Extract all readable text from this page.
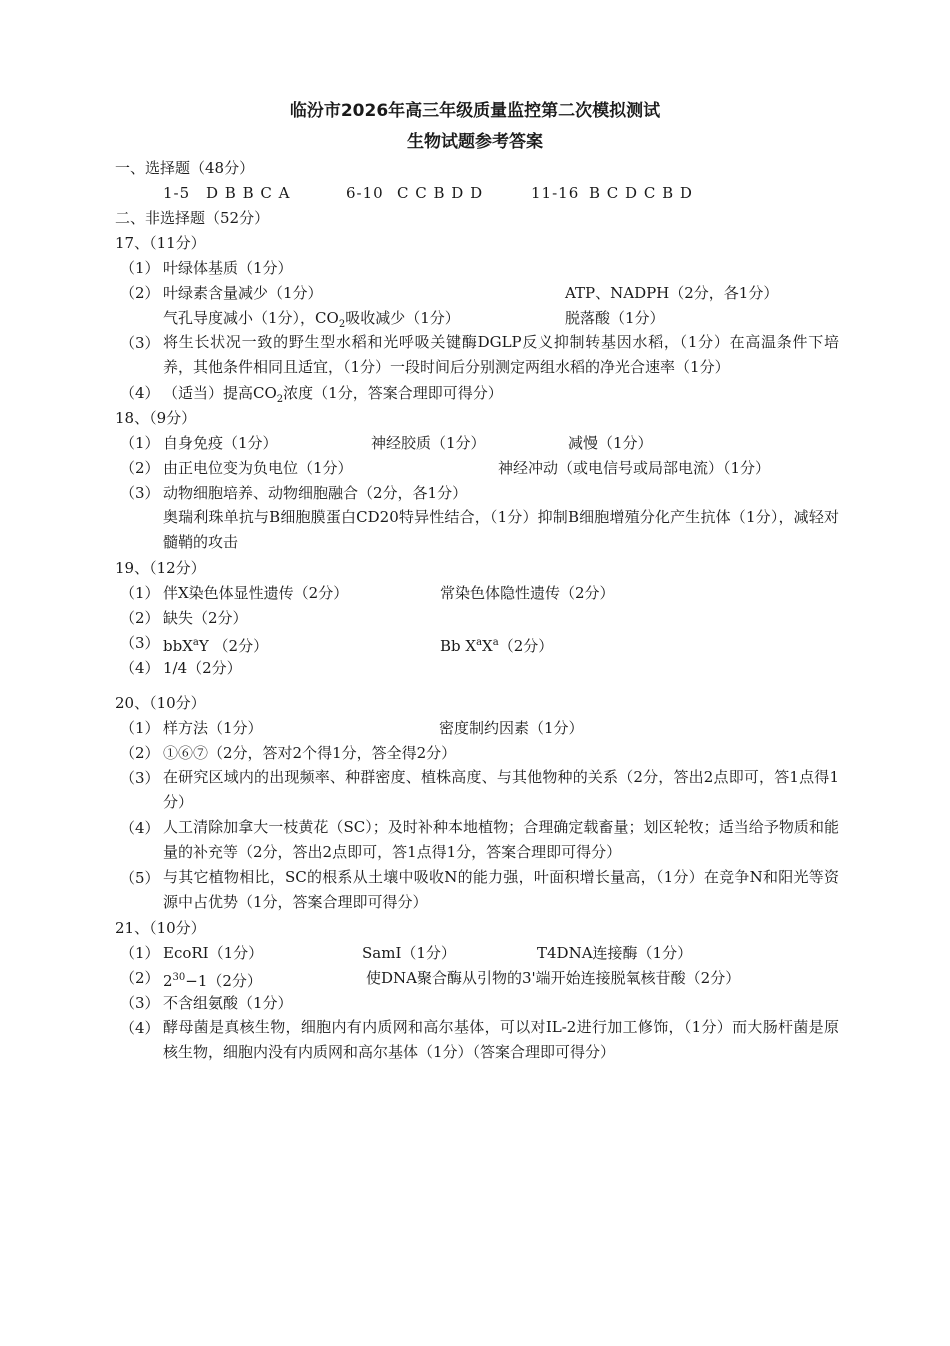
临汾市2026年高三年级质量监控第二次模拟测试
生物试题参考答案
一、选择题（48分）
1-5 D B B C A	6-10 C C B D D	11-16 B C D C B D
二、非选择题（52分）
17、（11分）
（1） 叶绿体基质（1分）
（2） 叶绿素含量减少（1分）	ATP、NADPH（2分，各1分）
气孔导度减小（1分），$CO_2$吸收减少（1分）	脱落酸（1分）
（3） 将生长状况一致的野生型水稻和光呼吸关键酶DGLP反义抑制转基因水稻，（1分）在高温条件下培养，其他条件相同且适宜，（1分）一段时间后分别测定两组水稻的净光合速率（1分）
（4） （适当）提高$CO_2$浓度（1分，答案合理即可得分）
18、（9分）
（1） 自身免疫（1分）	神经胶质（1分）	减慢（1分）
（2） 由正电位变为负电位（1分）	神经冲动（或电信号或局部电流）（1分）
（3） 动物细胞培养、动物细胞融合（2分，各1分）
奥瑞利珠单抗与B细胞膜蛋白CD20特异性结合，（1分）抑制B细胞增殖分化产生抗体（1分），减轻对髓鞘的攻击
19、（12分）
（1） 伴X染色体显性遗传（2分）	常染色体隐性遗传（2分）
（2） 缺失（2分）
（3） bbX$^a$Y （2分）	Bb $X^aX^a(2$分）
（4） 1/4（2分）
20、（10分）
（1） 样方法（1分）	密度制约因素（1分）
（2） ①⑥⑦（2分，答对2个得1分，答全得2分）
（3） 在研究区域内的出现频率、种群密度、植株高度、与其他物种的关系（2分，答出2点即可，答1点得1分）
（4） 人工清除加拿大一枝黄花（SC）；及时补种本地植物；合理确定载畜量；划区轮牧；适当给予物质和能量的补充等（2分，答出2点即可，答1点得1分，答案合理即可得分）
（5） 与其它植物相比，SC的根系从土壤中吸收N的能力强，叶面积增长量高，（1分）在竞争N和阳光等资源中占优势（1分，答案合理即可得分）
21、（10分）
（1） EcoRI（1分）	SamI（1分）	T4DNA连接酶（1分）
（2） $2^{30}-1(2$分）	使DNA聚合酶从引物的3'端开始连接脱氧核苷酸（2分）
（3） 不含组氨酸（1分）
（4） 酵母菌是真核生物，细胞内有内质网和高尔基体，可以对IL-2进行加工修饰，（1分）而大肠杆菌是原核生物，细胞内没有内质网和高尔基体（1分）（答案合理即可得分）
